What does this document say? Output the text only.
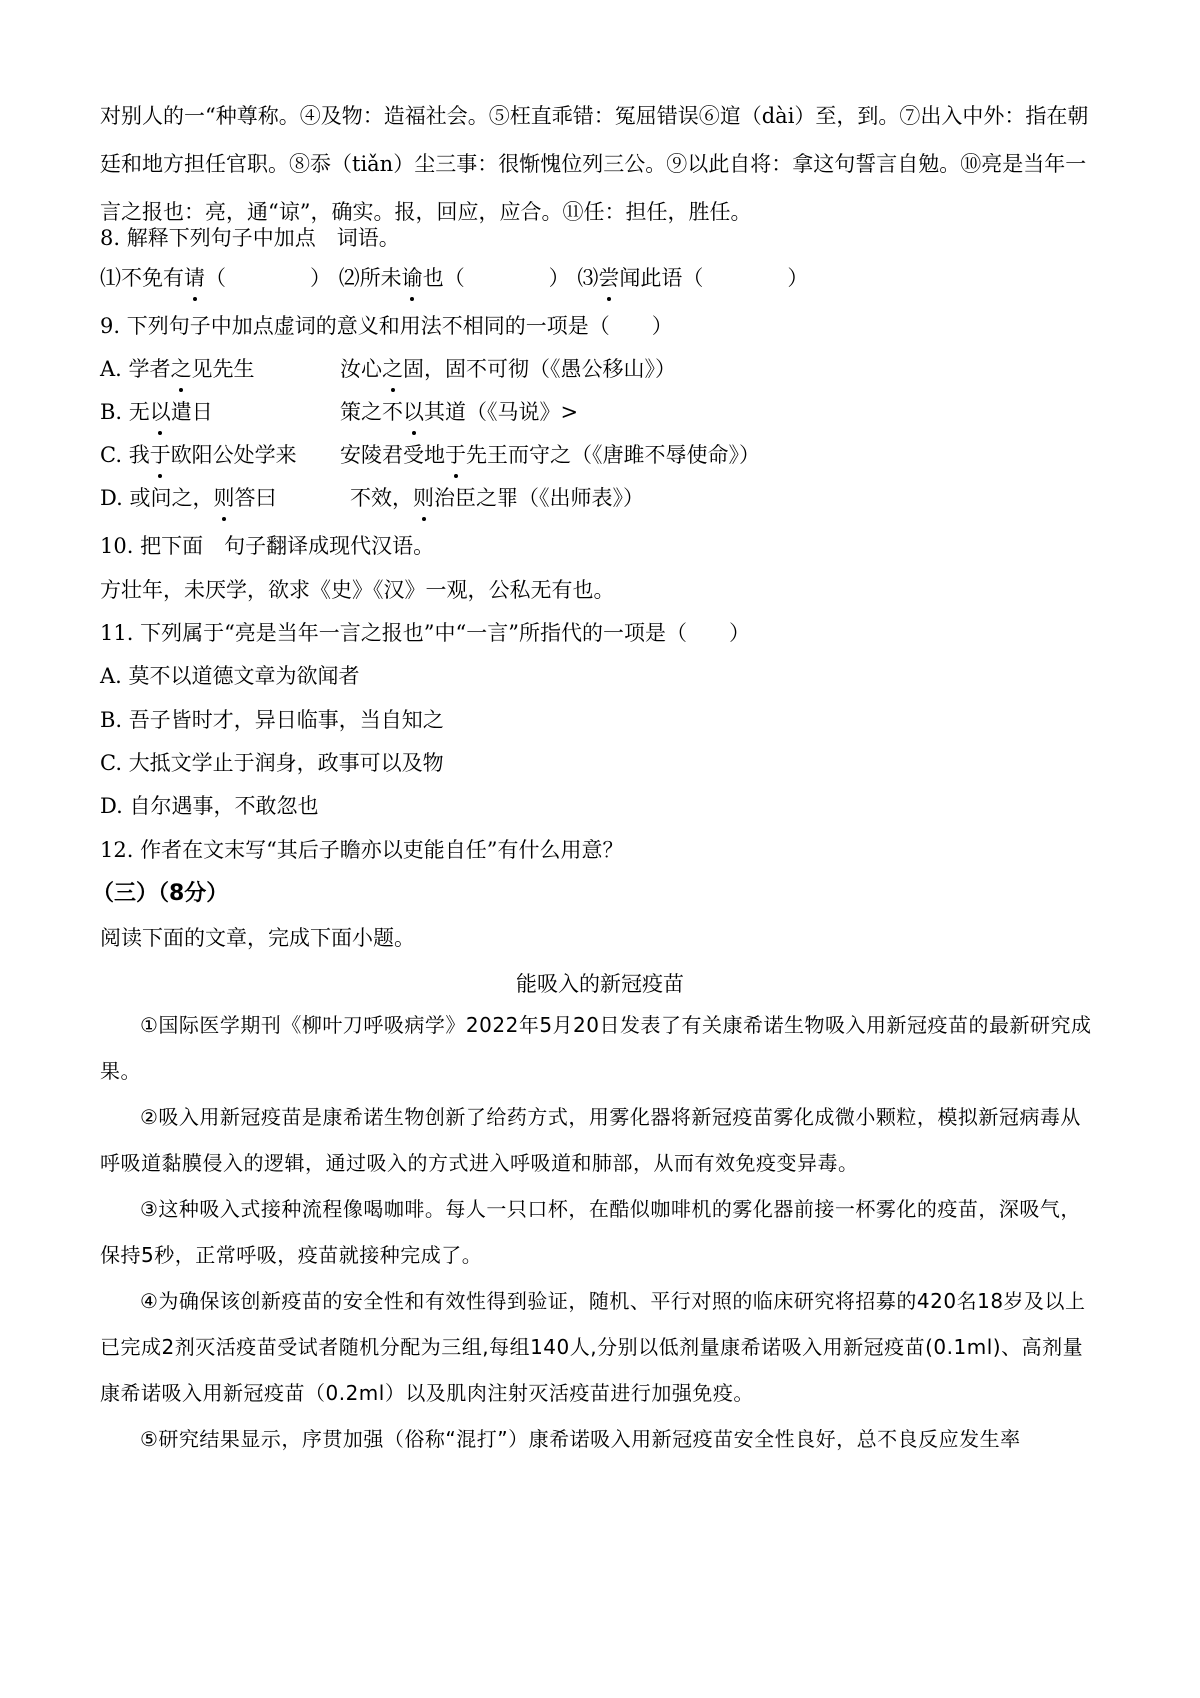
对别人的一“种尊称。④及物：造福社会。⑤枉直乖错：冤屈错误⑥逭（dài）至，到。⑦出入中外：指在朝廷和地方担任官职。⑧忝（tiǎn）尘三事：很惭愧位列三公。⑨以此自将：拿这句誓言自勉。⑩亮是当年一言之报也：亮，通“谅”，确实。报，回应，应合。⑪任：担任，胜任。
8. 解释下列句子中加点　词语。
⑴不免有请（　　　　） ⑵所未谕也（　　　　） ⑶尝闻此语（　　　　）
9. 下列句子中加点虚词的意义和用法不相同的一项是（　　）
A. 学者之见先生	汝心之固，固不可彻（《愚公移山》）
B. 无以遣日	策之不以其道（《马说》>
C. 我于欧阳公处学来 安陵君受地于先王而守之（《唐雎不辱使命》）
D. 或问之，则答曰	不效，则治臣之罪（《出师表》）
10. 把下面　句子翻译成现代汉语。
方壮年，未厌学，欲求《史》《汉》一观，公私无有也。
11. 下列属于“亮是当年一言之报也”中“一言”所指代的一项是（　　）
A. 莫不以道德文章为欲闻者
B. 吾子皆时才，异日临事，当自知之
C. 大抵文学止于润身，政事可以及物
D. 自尔遇事，不敢忽也
12. 作者在文末写“其后子瞻亦以吏能自任”有什么用意？
（三）（8分）
阅读下面的文章，完成下面小题。
能吸入的新冠疫苗
①国际医学期刊《柳叶刀呼吸病学》2022年5月20日发表了有关康希诺生物吸入用新冠疫苗的最新研究成果。
②吸入用新冠疫苗是康希诺生物创新了给药方式，用雾化器将新冠疫苗雾化成微小颗粒，模拟新冠病毒从呼吸道黏膜侵入的逻辑，通过吸入的方式进入呼吸道和肺部，从而有效免疫变异毒。
③这种吸入式接种流程像喝咖啡。每人一只口杯，在酷似咖啡机的雾化器前接一杯雾化的疫苗，深吸气，保持5秒，正常呼吸，疫苗就接种完成了。
④为确保该创新疫苗的安全性和有效性得到验证，随机、平行对照的临床研究将招募的420名18岁及以上已完成2剂灭活疫苗受试者随机分配为三组,每组140人,分别以低剂量康希诺吸入用新冠疫苗(0.1ml)、高剂量康希诺吸入用新冠疫苗（0.2ml）以及肌肉注射灭活疫苗进行加强免疫。
⑤研究结果显示，序贯加强（俗称“混打”）康希诺吸入用新冠疫苗安全性良好，总不良反应发生率
